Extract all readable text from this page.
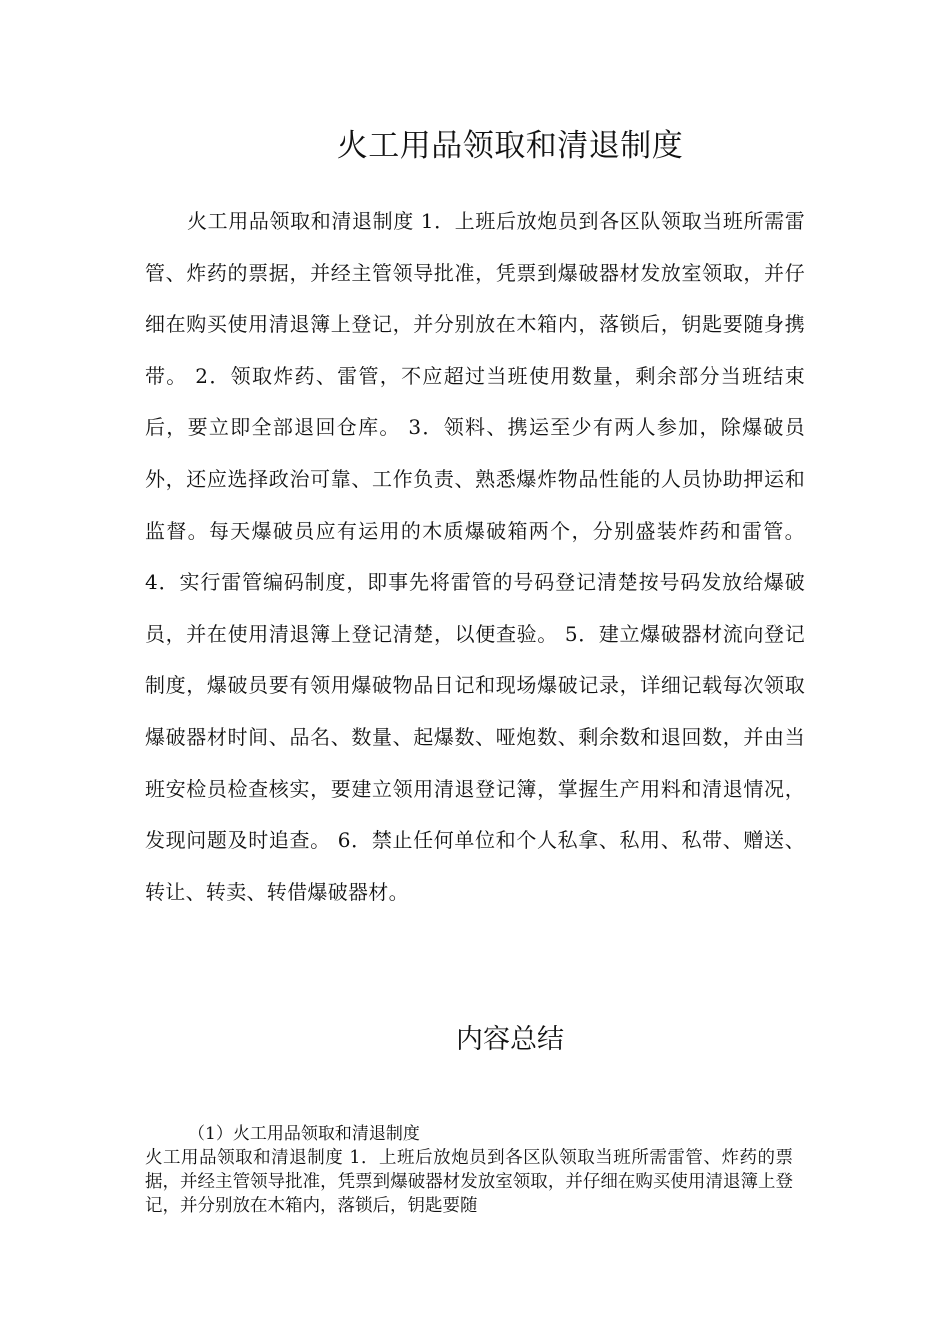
火工用品领取和清退制度

火工用品领取和清退制度 1．上班后放炮员到各区队领取当班所需雷管、炸药的票据，并经主管领导批准，凭票到爆破器材发放室领取，并仔细在购买使用清退簿上登记，并分别放在木箱内，落锁后，钥匙要随身携带。 2．领取炸药、雷管，不应超过当班使用数量，剩余部分当班结束后，要立即全部退回仓库。 3．领料、携运至少有两人参加，除爆破员外，还应选择政治可靠、工作负责、熟悉爆炸物品性能的人员协助押运和监督。每天爆破员应有运用的木质爆破箱两个，分别盛装炸药和雷管。 4．实行雷管编码制度，即事先将雷管的号码登记清楚按号码发放给爆破员，并在使用清退簿上登记清楚，以便查验。 5．建立爆破器材流向登记制度，爆破员要有领用爆破物品日记和现场爆破记录，详细记载每次领取爆破器材时间、品名、数量、起爆数、哑炮数、剩余数和退回数，并由当班安检员检查核实，要建立领用清退登记簿，掌握生产用料和清退情况，发现问题及时追查。 6．禁止任何单位和个人私拿、私用、私带、赠送、转让、转卖、转借爆破器材。

内容总结

（1）火工用品领取和清退制度

火工用品领取和清退制度 1．上班后放炮员到各区队领取当班所需雷管、炸药的票据，并经主管领导批准，凭票到爆破器材发放室领取，并仔细在购买使用清退簿上登记，并分别放在木箱内，落锁后，钥匙要随
